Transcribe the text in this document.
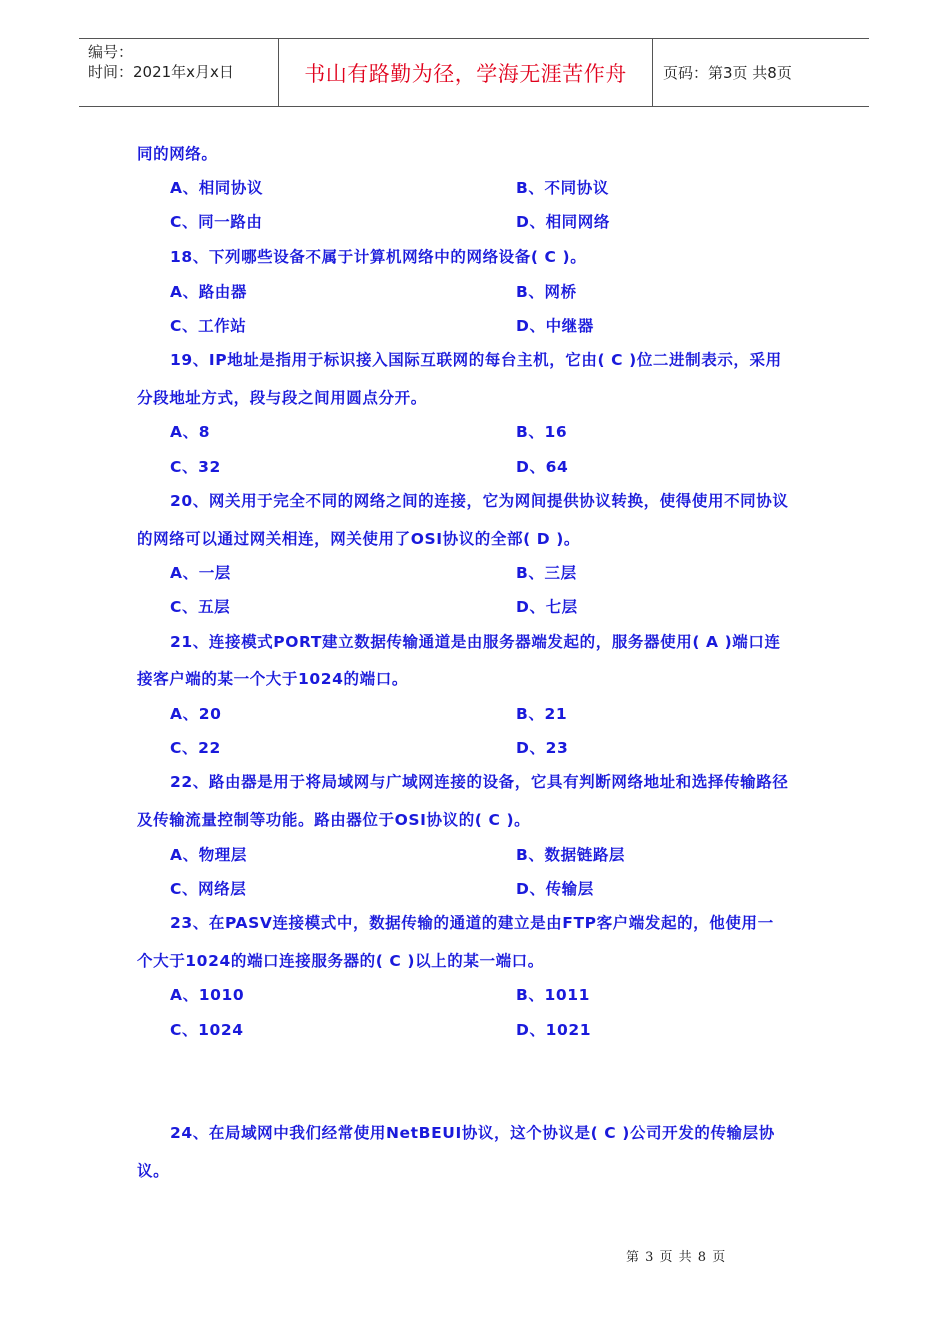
编号：
时间：2021年x月x日	书山有路勤为径，学海无涯苦作舟	页码：第3页 共8页
同的网络。
A、相同协议	B、不同协议
C、同一路由	D、相同网络
18、下列哪些设备不属于计算机网络中的网络设备( C )。
A、路由器	B、网桥
C、工作站	D、中继器
19、IP地址是指用于标识接入国际互联网的每台主机，它由( C )位二进制表示，采用
分段地址方式，段与段之间用圆点分开。
A、8	B、16
C、32	D、64
20、网关用于完全不同的网络之间的连接，它为网间提供协议转换，使得使用不同协议
的网络可以通过网关相连，网关使用了OSI协议的全部( D )。
A、一层	B、三层
C、五层	D、七层
21、连接模式PORT建立数据传输通道是由服务器端发起的，服务器使用( A )端口连
接客户端的某一个大于1024的端口。
A、20	B、21
C、22	D、23
22、路由器是用于将局域网与广域网连接的设备，它具有判断网络地址和选择传输路径
及传输流量控制等功能。路由器位于OSI协议的( C )。
A、物理层	B、数据链路层
C、网络层	D、传输层
23、在PASV连接模式中，数据传输的通道的建立是由FTP客户端发起的，他使用一
个大于1024的端口连接服务器的( C )以上的某一端口。
A、1010	B、1011
C、1024	D、1021
24、在局域网中我们经常使用NetBEUI协议，这个协议是( C )公司开发的传输层协
议。
第 3 页 共 8 页
